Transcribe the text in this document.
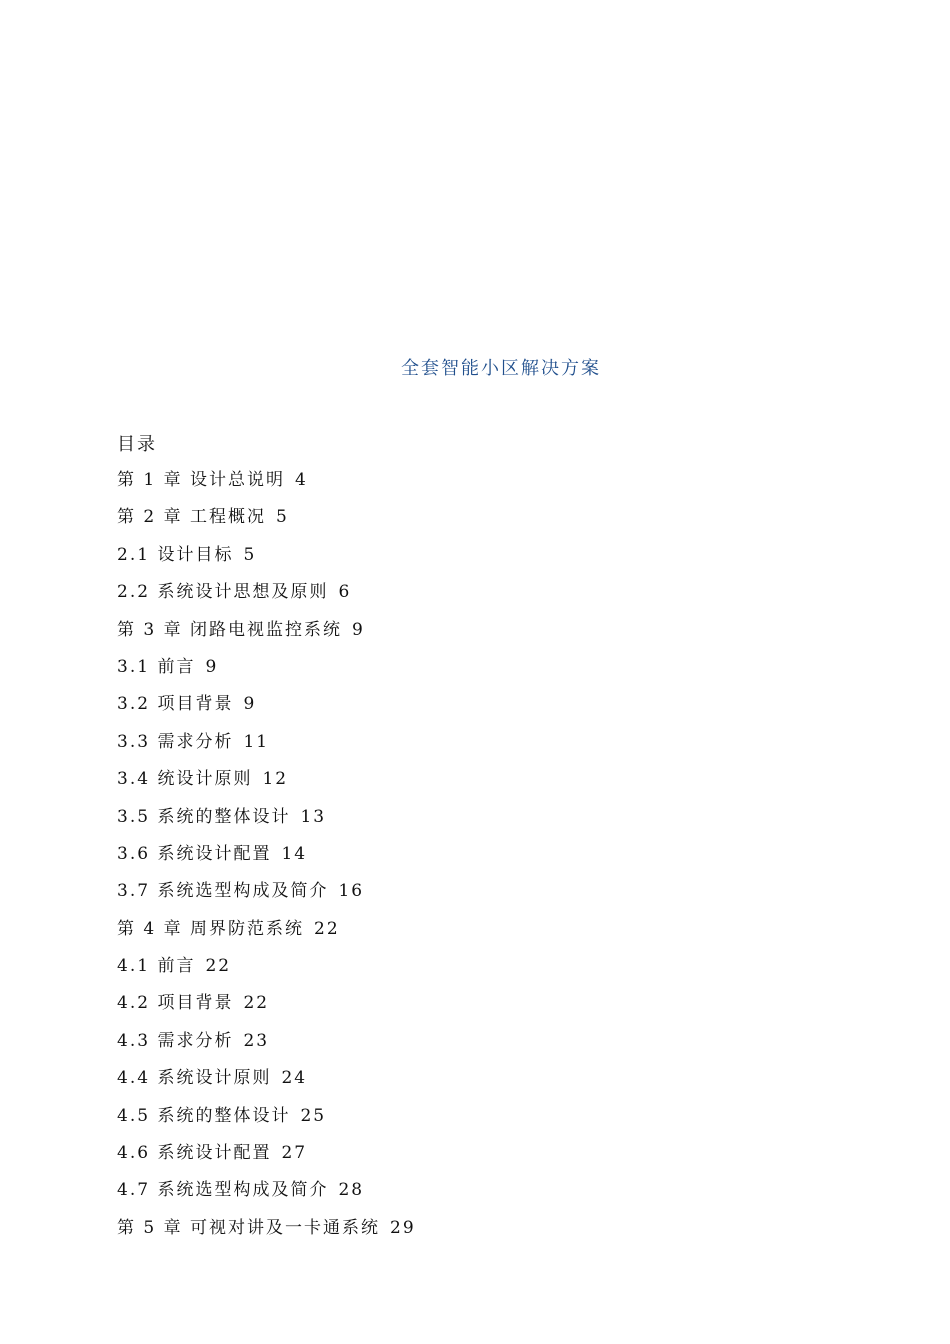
全套智能小区解决方案
目录
第 1 章 设计总说明 4
第 2 章 工程概况 5
2.1 设计目标 5
2.2 系统设计思想及原则 6
第 3 章 闭路电视监控系统 9
3.1 前言 9
3.2 项目背景 9
3.3 需求分析 11
3.4 统设计原则 12
3.5 系统的整体设计 13
3.6 系统设计配置 14
3.7 系统选型构成及简介 16
第 4 章 周界防范系统 22
4.1 前言 22
4.2 项目背景 22
4.3 需求分析 23
4.4 系统设计原则 24
4.5 系统的整体设计 25
4.6 系统设计配置 27
4.7 系统选型构成及简介 28
第 5 章 可视对讲及一卡通系统 29
